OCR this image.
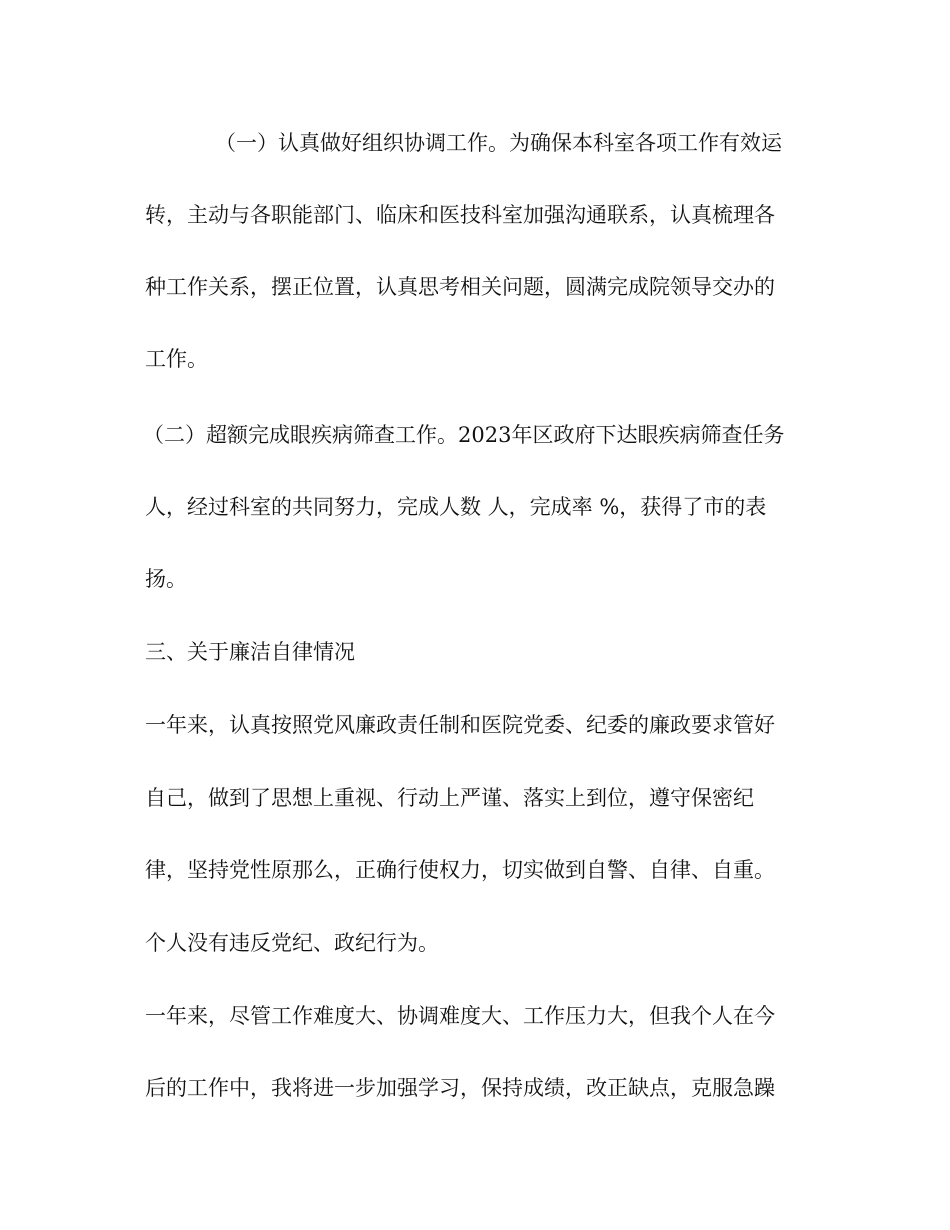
（一）认真做好组织协调工作。为确保本科室各项工作有效运
转，主动与各职能部门、临床和医技科室加强沟通联系，认真梳理各
种工作关系，摆正位置，认真思考相关问题，圆满完成院领导交办的
工作。
（二）超额完成眼疾病筛查工作。2023年区政府下达眼疾病筛查任务
人，经过科室的共同努力，完成人数 人，完成率 %，获得了市的表
扬。
三、关于廉洁自律情况
一年来，认真按照党风廉政责任制和医院党委、纪委的廉政要求管好
自己，做到了思想上重视、行动上严谨、落实上到位，遵守保密纪
律，坚持党性原那么，正确行使权力，切实做到自警、自律、自重。
个人没有违反党纪、政纪行为。
一年来，尽管工作难度大、协调难度大、工作压力大，但我个人在今
后的工作中，我将进一步加强学习，保持成绩，改正缺点，克服急躁
